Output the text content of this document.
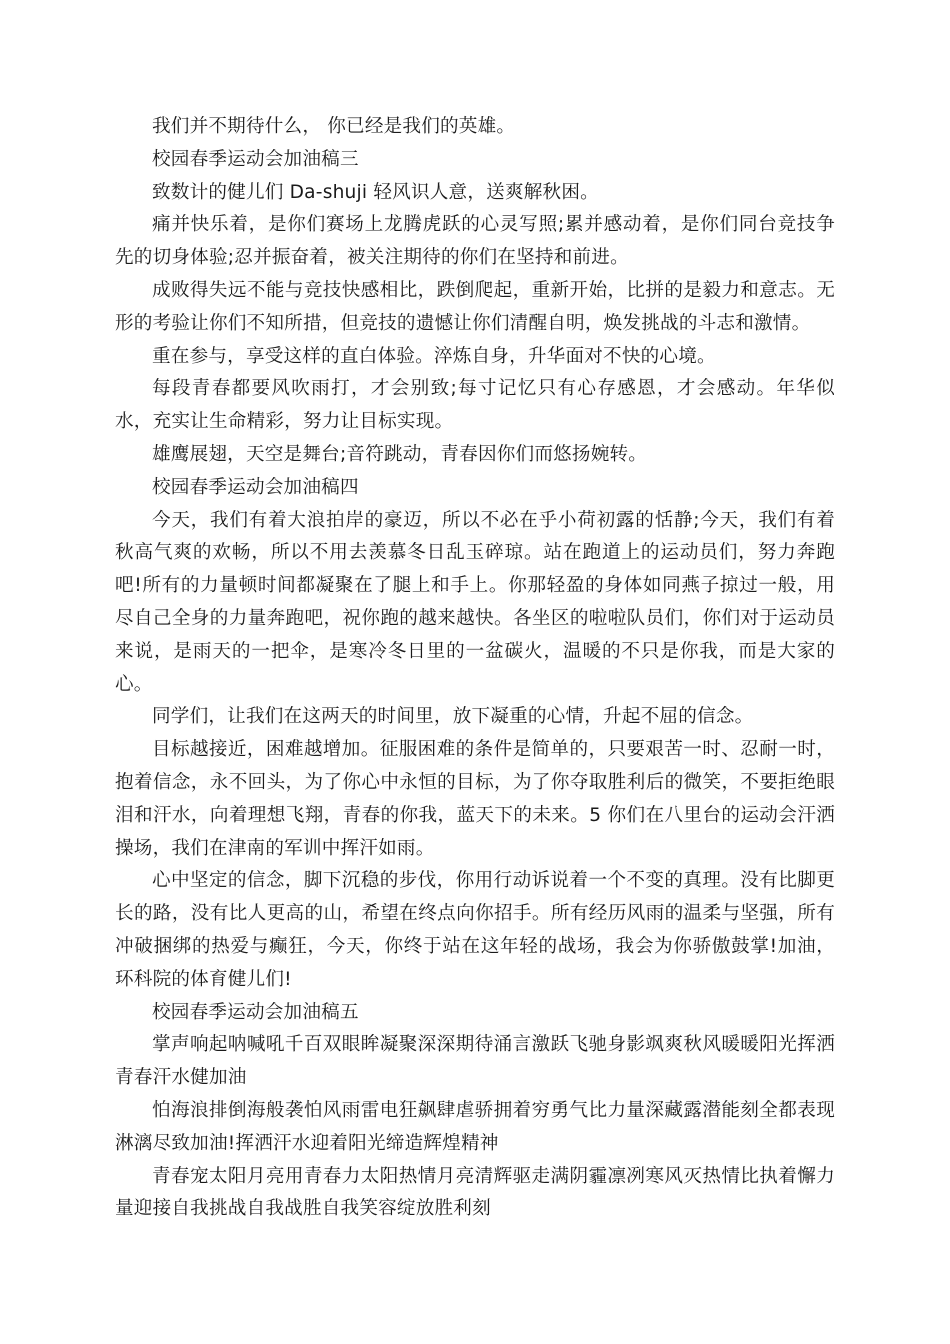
我们并不期待什么， 你已经是我们的英雄。

校园春季运动会加油稿三

致数计的健儿们 Da-shuji 轻风识人意，送爽解秋困。

痛并快乐着，是你们赛场上龙腾虎跃的心灵写照;累并感动着，是你们同台竞技争先的切身体验;忍并振奋着，被关注期待的你们在坚持和前进。

成败得失远不能与竞技快感相比，跌倒爬起，重新开始，比拼的是毅力和意志。无形的考验让你们不知所措，但竞技的遗憾让你们清醒自明，焕发挑战的斗志和激情。

重在参与，享受这样的直白体验。淬炼自身，升华面对不快的心境。

每段青春都要风吹雨打，才会别致;每寸记忆只有心存感恩，才会感动。年华似水，充实让生命精彩，努力让目标实现。

雄鹰展翅，天空是舞台;音符跳动，青春因你们而悠扬婉转。

校园春季运动会加油稿四

今天，我们有着大浪拍岸的豪迈，所以不必在乎小荷初露的恬静;今天，我们有着秋高气爽的欢畅，所以不用去羡慕冬日乱玉碎琼。站在跑道上的运动员们，努力奔跑吧!所有的力量顿时间都凝聚在了腿上和手上。你那轻盈的身体如同燕子掠过一般，用尽自己全身的力量奔跑吧，祝你跑的越来越快。各坐区的啦啦队员们，你们对于运动员来说，是雨天的一把伞，是寒冷冬日里的一盆碳火，温暖的不只是你我，而是大家的心。

同学们，让我们在这两天的时间里，放下凝重的心情，升起不屈的信念。

目标越接近，困难越增加。征服困难的条件是简单的，只要艰苦一时、忍耐一时，抱着信念，永不回头，为了你心中永恒的目标，为了你夺取胜利后的微笑，不要拒绝眼泪和汗水，向着理想飞翔，青春的你我，蓝天下的未来。5 你们在八里台的运动会汗洒操场，我们在津南的军训中挥汗如雨。

心中坚定的信念，脚下沉稳的步伐，你用行动诉说着一个不变的真理。没有比脚更长的路，没有比人更高的山，希望在终点向你招手。所有经历风雨的温柔与坚强，所有冲破捆绑的热爱与癫狂，今天，你终于站在这年轻的战场，我会为你骄傲鼓掌!加油，环科院的体育健儿们!

校园春季运动会加油稿五

掌声响起呐喊吼千百双眼眸凝聚深深期待涌言激跃飞驰身影飒爽秋风暖暖阳光挥洒青春汗水健加油

怕海浪排倒海般袭怕风雨雷电狂飙肆虐骄拥着穷勇气比力量深藏露潜能刻全都表现淋漓尽致加油!挥洒汗水迎着阳光缔造辉煌精神

青春宠太阳月亮用青春力太阳热情月亮清辉驱走满阴霾凛冽寒风灭热情比执着懈力量迎接自我挑战自我战胜自我笑容绽放胜利刻
